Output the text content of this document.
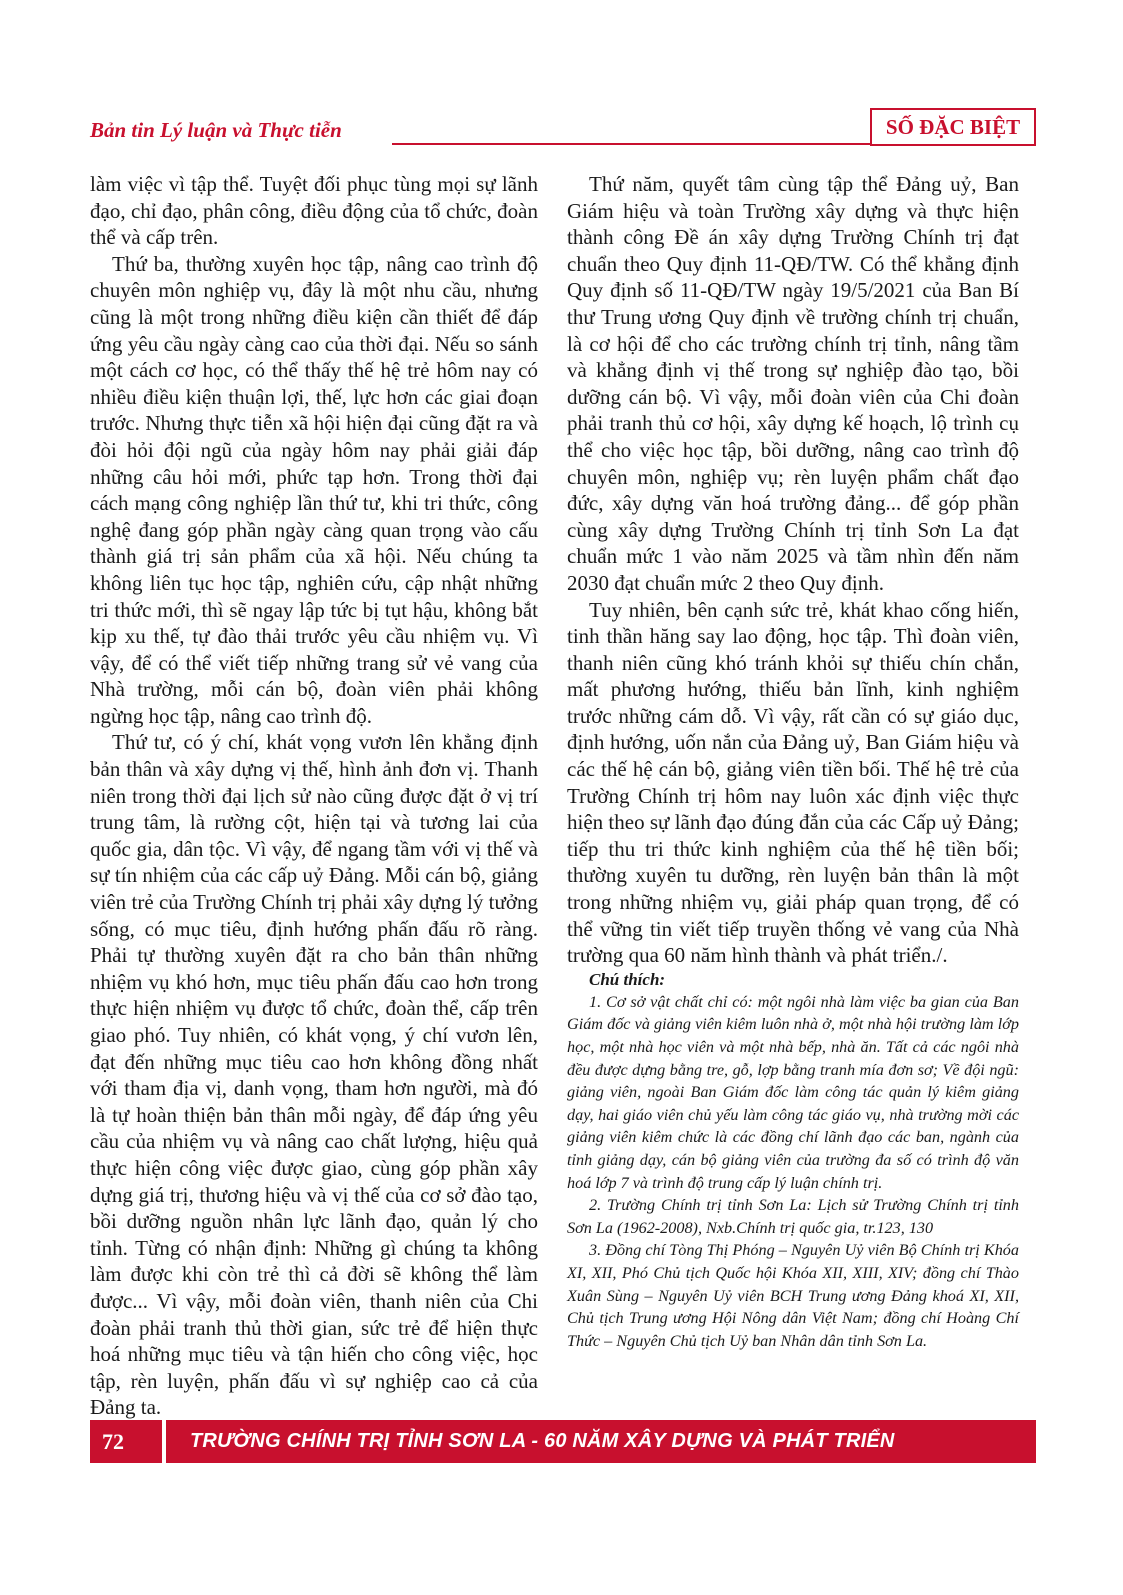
Bản tin Lý luận và Thực tiễn	SỐ ĐẶC BIỆT

làm việc vì tập thể. Tuyệt đối phục tùng mọi sự lãnh đạo, chỉ đạo, phân công, điều động của tổ chức, đoàn thể và cấp trên.

Thứ ba, thường xuyên học tập, nâng cao trình độ chuyên môn nghiệp vụ, đây là một nhu cầu, nhưng cũng là một trong những điều kiện cần thiết để đáp ứng yêu cầu ngày càng cao của thời đại. Nếu so sánh một cách cơ học, có thể thấy thế hệ trẻ hôm nay có nhiều điều kiện thuận lợi, thế, lực hơn các giai đoạn trước. Nhưng thực tiễn xã hội hiện đại cũng đặt ra và đòi hỏi đội ngũ của ngày hôm nay phải giải đáp những câu hỏi mới, phức tạp hơn. Trong thời đại cách mạng công nghiệp lần thứ tư, khi tri thức, công nghệ đang góp phần ngày càng quan trọng vào cấu thành giá trị sản phẩm của xã hội. Nếu chúng ta không liên tục học tập, nghiên cứu, cập nhật những tri thức mới, thì sẽ ngay lập tức bị tụt hậu, không bắt kịp xu thế, tự đào thải trước yêu cầu nhiệm vụ. Vì vậy, để có thể viết tiếp những trang sử vẻ vang của Nhà trường, mỗi cán bộ, đoàn viên phải không ngừng học tập, nâng cao trình độ.

Thứ tư, có ý chí, khát vọng vươn lên khẳng định bản thân và xây dựng vị thế, hình ảnh đơn vị. Thanh niên trong thời đại lịch sử nào cũng được đặt ở vị trí trung tâm, là rường cột, hiện tại và tương lai của quốc gia, dân tộc. Vì vậy, để ngang tầm với vị thế và sự tín nhiệm của các cấp uỷ Đảng. Mỗi cán bộ, giảng viên trẻ của Trường Chính trị phải xây dựng lý tưởng sống, có mục tiêu, định hướng phấn đấu rõ ràng. Phải tự thường xuyên đặt ra cho bản thân những nhiệm vụ khó hơn, mục tiêu phấn đấu cao hơn trong thực hiện nhiệm vụ được tổ chức, đoàn thể, cấp trên giao phó. Tuy nhiên, có khát vọng, ý chí vươn lên, đạt đến những mục tiêu cao hơn không đồng nhất với tham địa vị, danh vọng, tham hơn người, mà đó là tự hoàn thiện bản thân mỗi ngày, để đáp ứng yêu cầu của nhiệm vụ và nâng cao chất lượng, hiệu quả thực hiện công việc được giao, cùng góp phần xây dựng giá trị, thương hiệu và vị thế của cơ sở đào tạo, bồi dưỡng nguồn nhân lực lãnh đạo, quản lý cho tỉnh. Từng có nhận định: Những gì chúng ta không làm được khi còn trẻ thì cả đời sẽ không thể làm được... Vì vậy, mỗi đoàn viên, thanh niên của Chi đoàn phải tranh thủ thời gian, sức trẻ để hiện thực hoá những mục tiêu và tận hiến cho công việc, học tập, rèn luyện, phấn đấu vì sự nghiệp cao cả của Đảng ta.

Thứ năm, quyết tâm cùng tập thể Đảng uỷ, Ban Giám hiệu và toàn Trường xây dựng và thực hiện thành công Đề án xây dựng Trường Chính trị đạt chuẩn theo Quy định 11-QĐ/TW. Có thể khẳng định Quy định số 11-QĐ/TW ngày 19/5/2021 của Ban Bí thư Trung ương Quy định về trường chính trị chuẩn, là cơ hội để cho các trường chính trị tỉnh, nâng tầm và khẳng định vị thế trong sự nghiệp đào tạo, bồi dưỡng cán bộ. Vì vậy, mỗi đoàn viên của Chi đoàn phải tranh thủ cơ hội, xây dựng kế hoạch, lộ trình cụ thể cho việc học tập, bồi dưỡng, nâng cao trình độ chuyên môn, nghiệp vụ; rèn luyện phẩm chất đạo đức, xây dựng văn hoá trường đảng... để góp phần cùng xây dựng Trường Chính trị tỉnh Sơn La đạt chuẩn mức 1 vào năm 2025 và tầm nhìn đến năm 2030 đạt chuẩn mức 2 theo Quy định.

Tuy nhiên, bên cạnh sức trẻ, khát khao cống hiến, tinh thần hăng say lao động, học tập. Thì đoàn viên, thanh niên cũng khó tránh khỏi sự thiếu chín chắn, mất phương hướng, thiếu bản lĩnh, kinh nghiệm trước những cám dỗ. Vì vậy, rất cần có sự giáo dục, định hướng, uốn nắn của Đảng uỷ, Ban Giám hiệu và các thế hệ cán bộ, giảng viên tiền bối. Thế hệ trẻ của Trường Chính trị hôm nay luôn xác định việc thực hiện theo sự lãnh đạo đúng đắn của các Cấp uỷ Đảng; tiếp thu tri thức kinh nghiệm của thế hệ tiền bối; thường xuyên tu dưỡng, rèn luyện bản thân là một trong những nhiệm vụ, giải pháp quan trọng, để có thể vững tin viết tiếp truyền thống vẻ vang của Nhà trường qua 60 năm hình thành và phát triển./.

Chú thích:

1. Cơ sở vật chất chỉ có: một ngôi nhà làm việc ba gian của Ban Giám đốc và giảng viên kiêm luôn nhà ở, một nhà hội trường làm lớp học, một nhà học viên và một nhà bếp, nhà ăn. Tất cả các ngôi nhà đều được dựng bằng tre, gỗ, lợp bằng tranh mía đơn sơ; Về đội ngũ: giảng viên, ngoài Ban Giám đốc làm công tác quản lý kiêm giảng dạy, hai giáo viên chủ yếu làm công tác giáo vụ, nhà trường mời các giảng viên kiêm chức là các đồng chí lãnh đạo các ban, ngành của tỉnh giảng dạy, cán bộ giảng viên của trường đa số có trình độ văn hoá lớp 7 và trình độ trung cấp lý luận chính trị.

2. Trường Chính trị tỉnh Sơn La: Lịch sử Trường Chính trị tỉnh Sơn La (1962-2008), Nxb.Chính trị quốc gia, tr.123, 130

3. Đồng chí Tòng Thị Phóng – Nguyên Uỷ viên Bộ Chính trị Khóa XI, XII, Phó Chủ tịch Quốc hội Khóa XII, XIII, XIV; đồng chí Thào Xuân Sùng – Nguyên Uỷ viên BCH Trung ương Đảng khoá XI, XII, Chủ tịch Trung ương Hội Nông dân Việt Nam; đồng chí Hoàng Chí Thức – Nguyên Chủ tịch Uỷ ban Nhân dân tỉnh Sơn La.

72	TRƯỜNG CHÍNH TRỊ TỈNH SƠN LA - 60 NĂM XÂY DỰNG VÀ PHÁT TRIỂN
